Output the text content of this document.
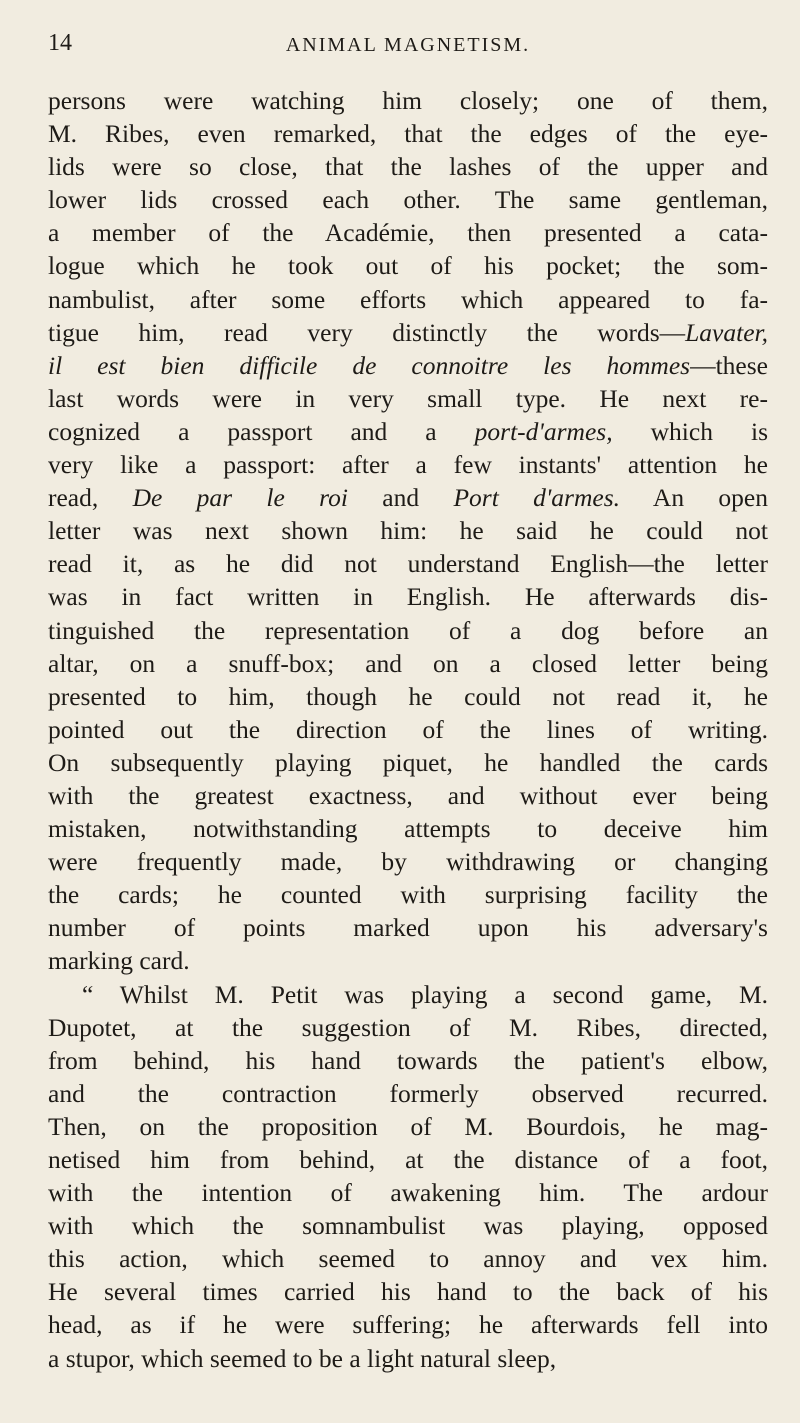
14	ANIMAL MAGNETISM.
persons were watching him closely; one of them,
M. Ribes, even remarked, that the edges of the eye-
lids were so close, that the lashes of the upper and
lower lids crossed each other. The same gentleman,
a member of the Académie, then presented a cata-
logue which he took out of his pocket; the som-
nambulist, after some efforts which appeared to fa-
tigue him, read very distinctly the words—Lavater,
il est bien difficile de connoitre les hommes—these
last words were in very small type. He next re-
cognized a passport and a port-d'armes, which is
very like a passport: after a few instants' attention he
read, De par le roi and Port d'armes. An open
letter was next shown him: he said he could not
read it, as he did not understand English—the letter
was in fact written in English. He afterwards dis-
tinguished the representation of a dog before an
altar, on a snuff-box; and on a closed letter being
presented to him, though he could not read it, he
pointed out the direction of the lines of writing.
On subsequently playing piquet, he handled the cards
with the greatest exactness, and without ever being
mistaken, notwithstanding attempts to deceive him
were frequently made, by withdrawing or changing
the cards; he counted with surprising facility the
number of points marked upon his adversary's
marking card.
“ Whilst M. Petit was playing a second game, M.
Dupotet, at the suggestion of M. Ribes, directed,
from behind, his hand towards the patient's elbow,
and the contraction formerly observed recurred.
Then, on the proposition of M. Bourdois, he mag-
netised him from behind, at the distance of a foot,
with the intention of awakening him. The ardour
with which the somnambulist was playing, opposed
this action, which seemed to annoy and vex him.
He several times carried his hand to the back of his
head, as if he were suffering; he afterwards fell into
a stupor, which seemed to be a light natural sleep,
